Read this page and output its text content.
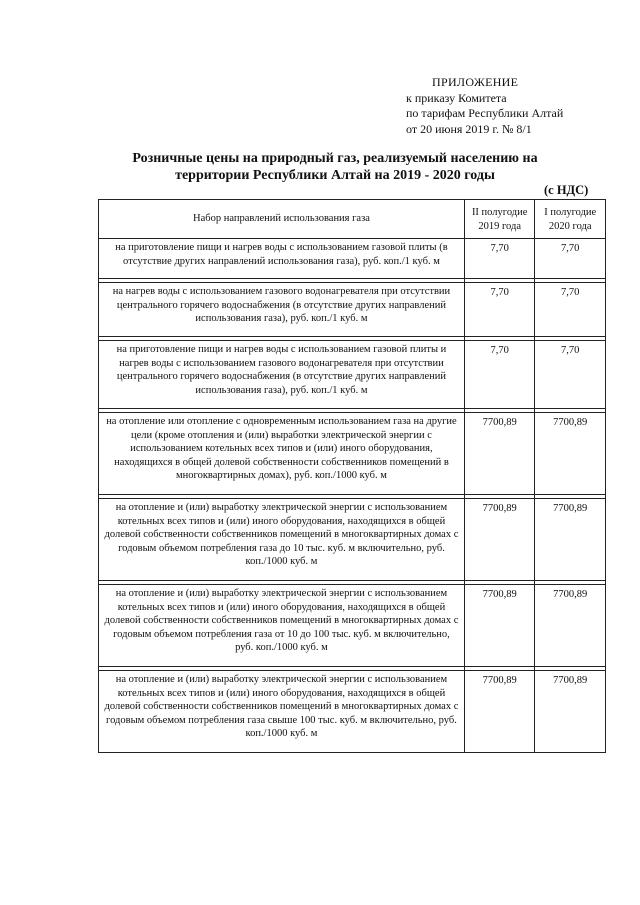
ПРИЛОЖЕНИЕ
к приказу Комитета
по тарифам Республики Алтай
от 20 июня 2019 г. № 8/1
Розничные цены на природный газ, реализуемый населению на
территории Республики Алтай на 2019 - 2020 годы
(с НДС)
Набор направлений использования газа	II полугодие 2019 года	I полугодие 2020 года
на приготовление пищи и нагрев воды с использованием газовой плиты (в отсутствие других направлений использования газа), руб. коп./1 куб. м	7,70	7,70

на нагрев воды с использованием газового водонагревателя при отсутствии центрального горячего водоснабжения (в отсутствие других направлений использования газа), руб. коп./1 куб. м	7,70	7,70

на приготовление пищи и нагрев воды с использованием газовой плиты и нагрев воды с использованием газового водонагревателя при отсутствии центрального горячего водоснабжения (в отсутствие других направлений использования газа), руб. коп./1 куб. м	7,70	7,70

на отопление или отопление с одновременным использованием газа на другие цели (кроме отопления и (или) выработки электрической энергии с использованием котельных всех типов и (или) иного оборудования, находящихся в общей долевой собственности собственников помещений в многоквартирных домах), руб. коп./1000 куб. м	7700,89	7700,89

на отопление и (или) выработку электрической энергии с использованием котельных всех типов и (или) иного оборудования, находящихся в общей долевой собственности собственников помещений в многоквартирных домах с годовым объемом потребления газа до 10 тыс. куб. м включительно, руб. коп./1000 куб. м	7700,89	7700,89

на отопление и (или) выработку электрической энергии с использованием котельных всех типов и (или) иного оборудования, находящихся в общей долевой собственности собственников помещений в многоквартирных домах с годовым объемом потребления газа от 10 до 100 тыс. куб. м включительно, руб. коп./1000 куб. м	7700,89	7700,89

на отопление и (или) выработку электрической энергии с использованием котельных всех типов и (или) иного оборудования, находящихся в общей долевой собственности собственников помещений в многоквартирных домах с годовым объемом потребления газа свыше 100 тыс. куб. м включительно, руб. коп./1000 куб. м	7700,89	7700,89
